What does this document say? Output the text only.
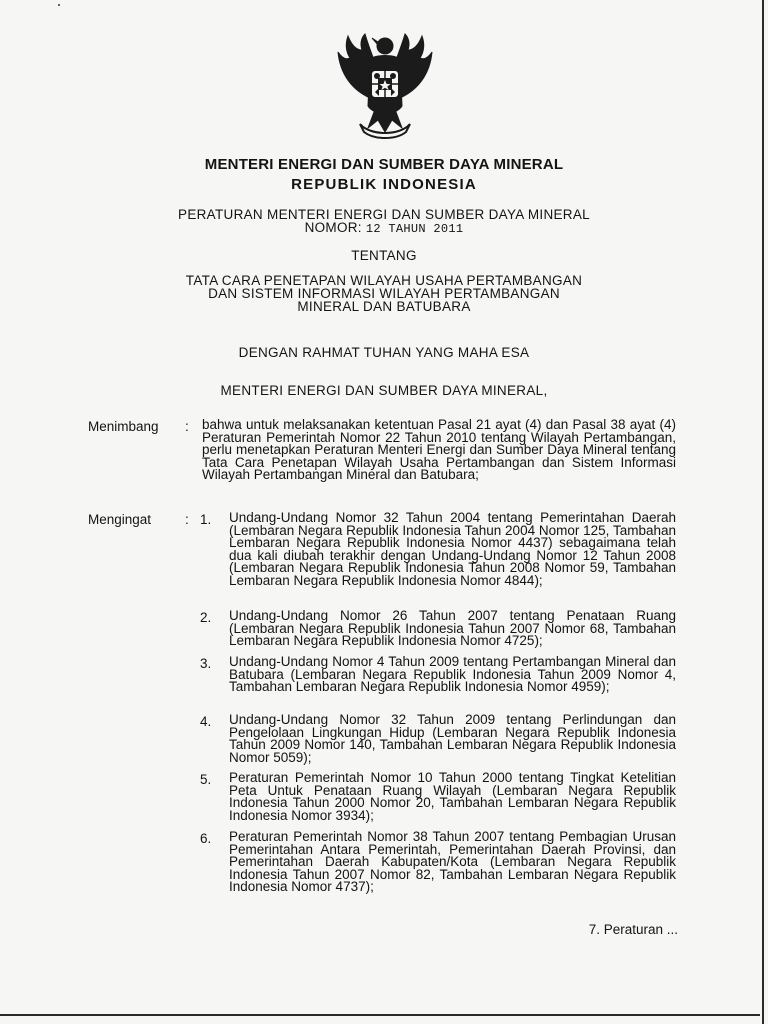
MENTERI ENERGI DAN SUMBER DAYA MINERAL
REPUBLIK INDONESIA
PERATURAN MENTERI ENERGI DAN SUMBER DAYA MINERAL
NOMOR: 12 TAHUN 2011
TENTANG
TATA CARA PENETAPAN WILAYAH USAHA PERTAMBANGAN
DAN SISTEM INFORMASI WILAYAH PERTAMBANGAN
MINERAL DAN BATUBARA
DENGAN RAHMAT TUHAN YANG MAHA ESA
MENTERI ENERGI DAN SUMBER DAYA MINERAL,
Menimbang : bahwa untuk melaksanakan ketentuan Pasal 21 ayat (4) dan Pasal 38 ayat (4) Peraturan Pemerintah Nomor 22 Tahun 2010 tentang Wilayah Pertambangan, perlu menetapkan Peraturan Menteri Energi dan Sumber Daya Mineral tentang Tata Cara Penetapan Wilayah Usaha Pertambangan dan Sistem Informasi Wilayah Pertambangan Mineral dan Batubara;
Mengingat	: 1. Undang-Undang Nomor 32 Tahun 2004 tentang Pemerintahan Daerah (Lembaran Negara Republik Indonesia Tahun 2004 Nomor 125, Tambahan Lembaran Negara Republik Indonesia Nomor 4437) sebagaimana telah dua kali diubah terakhir dengan Undang-Undang Nomor 12 Tahun 2008 (Lembaran Negara Republik Indonesia Tahun 2008 Nomor 59, Tambahan Lembaran Negara Republik Indonesia Nomor 4844);
2. Undang-Undang Nomor 26 Tahun 2007 tentang Penataan Ruang (Lembaran Negara Republik Indonesia Tahun 2007 Nomor 68, Tambahan Lembaran Negara Republik Indonesia Nomor 4725);
3. Undang-Undang Nomor 4 Tahun 2009 tentang Pertambangan Mineral dan Batubara (Lembaran Negara Republik Indonesia Tahun 2009 Nomor 4, Tambahan Lembaran Negara Republik Indonesia Nomor 4959);
4. Undang-Undang Nomor 32 Tahun 2009 tentang Perlindungan dan Pengelolaan Lingkungan Hidup (Lembaran Negara Republik Indonesia Tahun 2009 Nomor 140, Tambahan Lembaran Negara Republik Indonesia Nomor 5059);
5. Peraturan Pemerintah Nomor 10 Tahun 2000 tentang Tingkat Ketelitian Peta Untuk Penataan Ruang Wilayah (Lembaran Negara Republik Indonesia Tahun 2000 Nomor 20, Tambahan Lembaran Negara Republik Indonesia Nomor 3934);
6. Peraturan Pemerintah Nomor 38 Tahun 2007 tentang Pembagian Urusan Pemerintahan Antara Pemerintah, Pemerintahan Daerah Provinsi, dan Pemerintahan Daerah Kabupaten/Kota (Lembaran Negara Republik Indonesia Tahun 2007 Nomor 82, Tambahan Lembaran Negara Republik Indonesia Nomor 4737);
7. Peraturan ...
